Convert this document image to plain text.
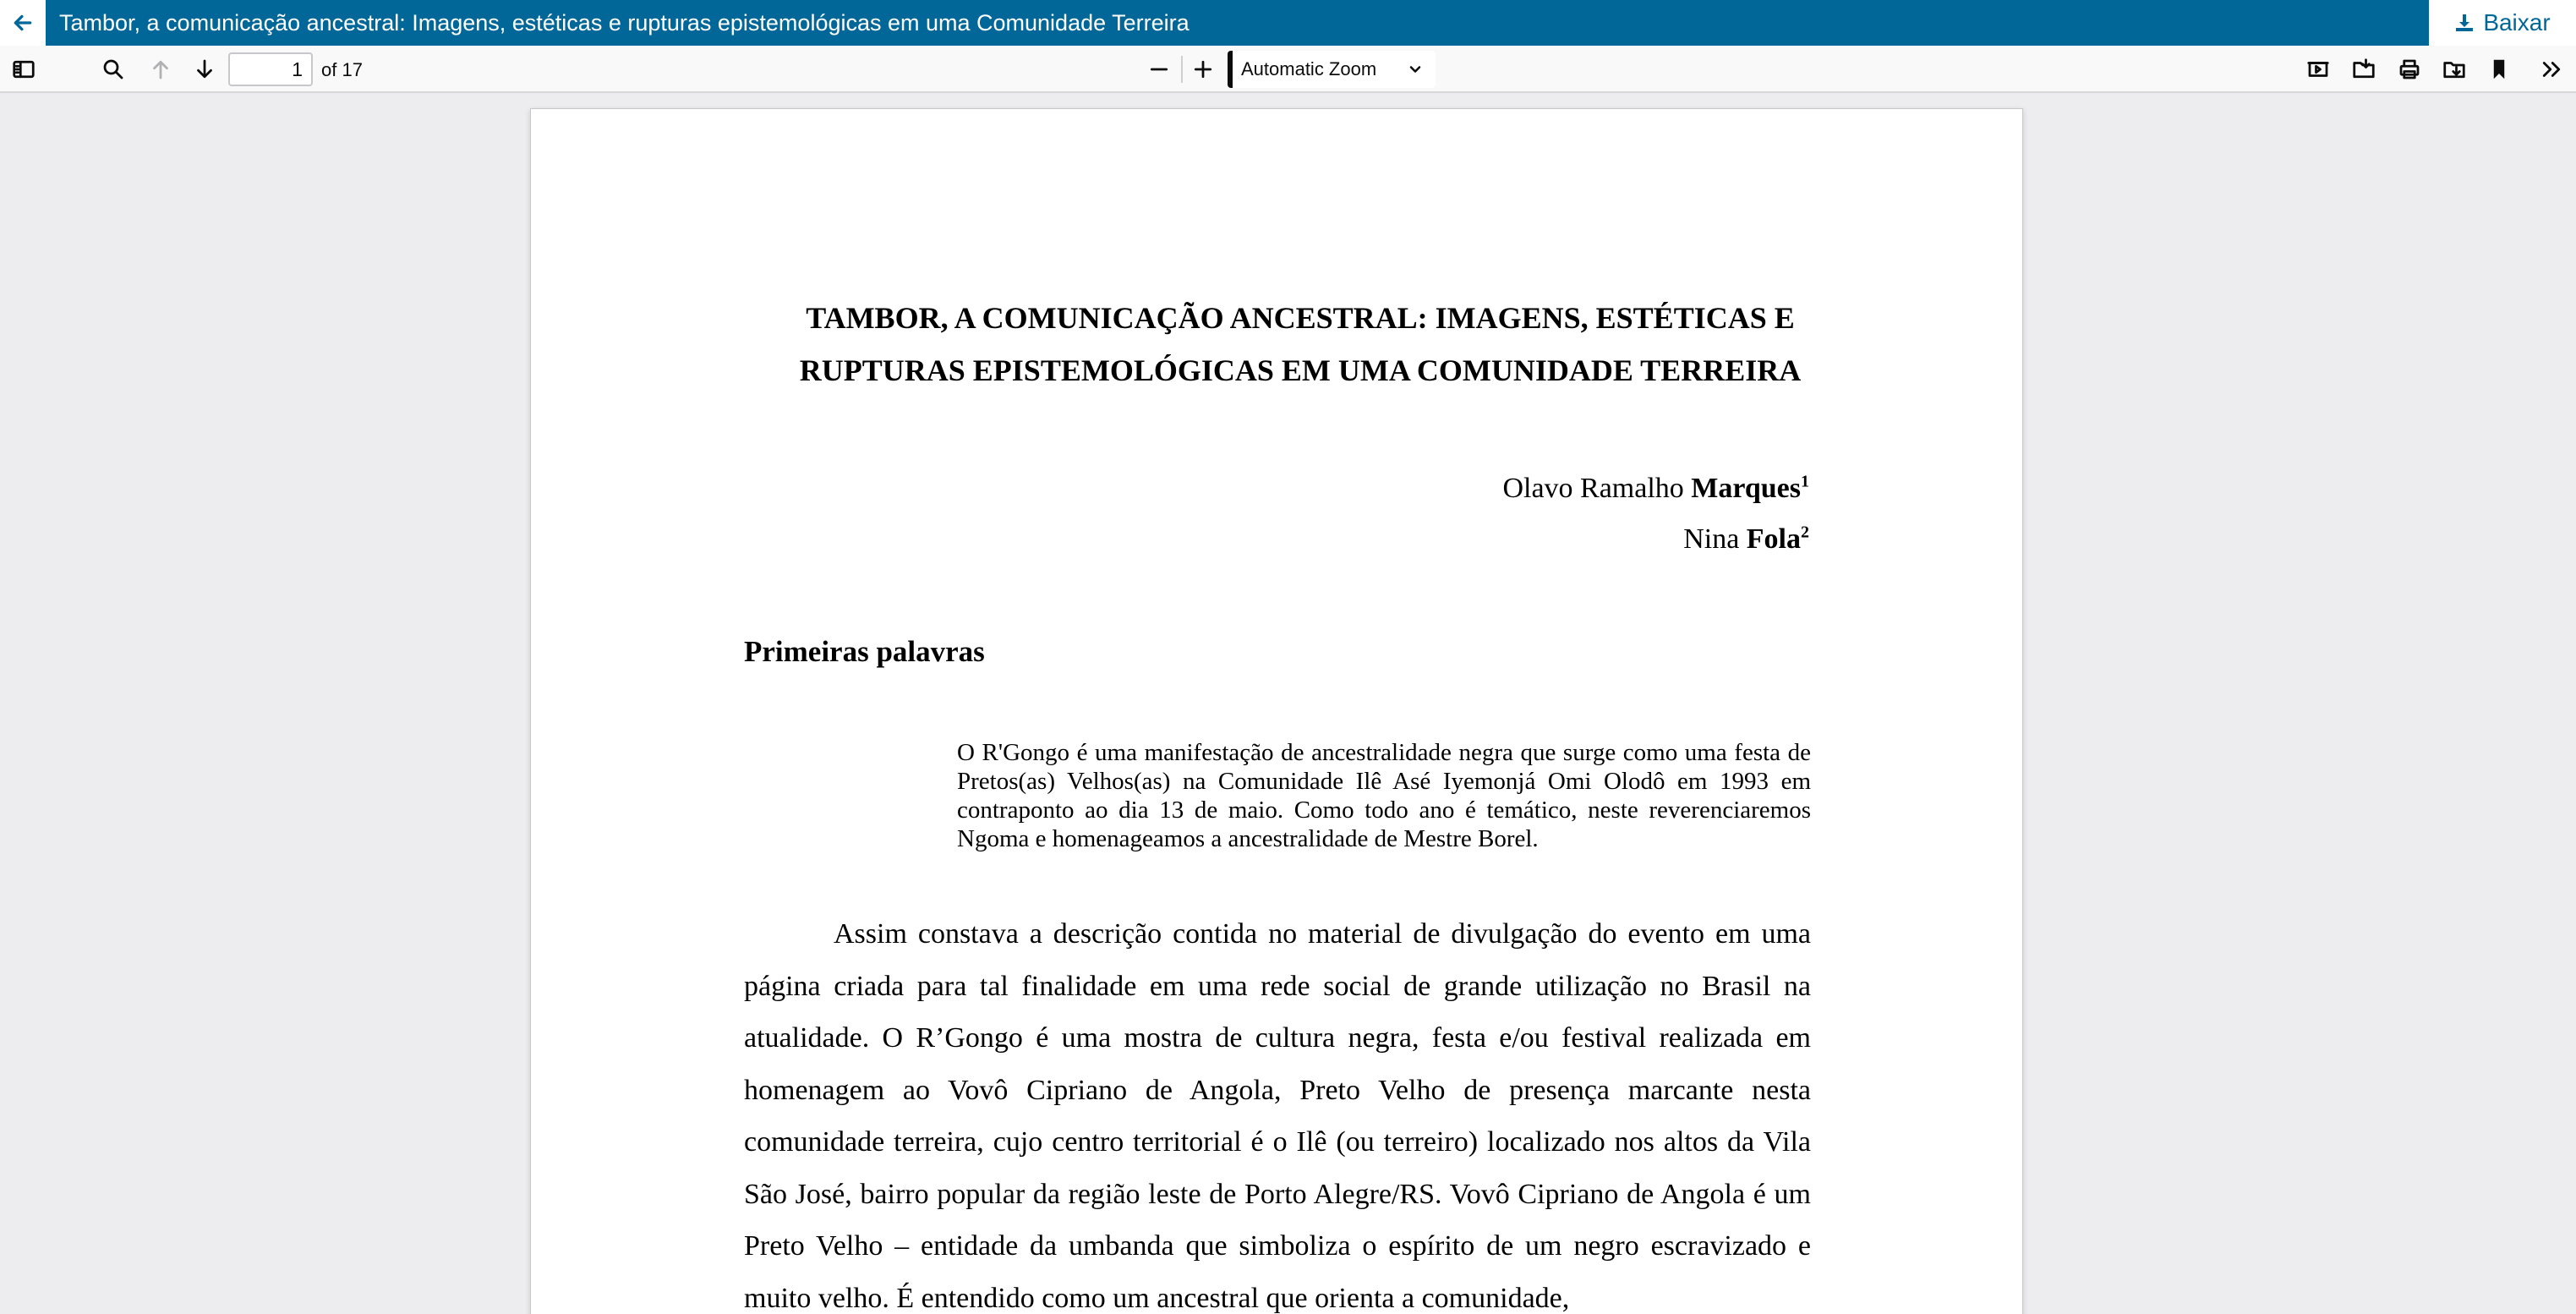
Tambor, a comunicação ancestral: Imagens, estéticas e rupturas epistemológicas em uma Comunidade Terreira	Baixar
1
of 17	Automatic Zoom
TAMBOR, A COMUNICAÇÃO ANCESTRAL: IMAGENS, ESTÉTICAS E
RUPTURAS EPISTEMOLÓGICAS EM UMA COMUNIDADE TERREIRA
Olavo Ramalho Marques$^1$
Nina Fola$^2$
Primeiras palavras
O R'Gongo é uma manifestação de ancestralidade negra que surge como uma festa de Pretos(as) Velhos(as) na Comunidade Ilê Asé Iyemonjá Omi Olodô em 1993 em contraponto ao dia 13 de maio. Como todo ano é temático, neste reverenciaremos Ngoma e homenageamos a ancestralidade de Mestre Borel.
Assim constava a descrição contida no material de divulgação do evento em uma página criada para tal finalidade em uma rede social de grande utilização no Brasil na atualidade. O R’Gongo é uma mostra de cultura negra, festa e/ou festival realizada em homenagem ao Vovô Cipriano de Angola, Preto Velho de presença marcante nesta comunidade terreira, cujo centro territorial é o Ilê (ou terreiro) localizado nos altos da Vila São José, bairro popular da região leste de Porto Alegre/RS. Vovô Cipriano de Angola é um Preto Velho – entidade da umbanda que simboliza o espírito de um negro escravizado e muito velho. É entendido como um ancestral que orienta a comunidade,
